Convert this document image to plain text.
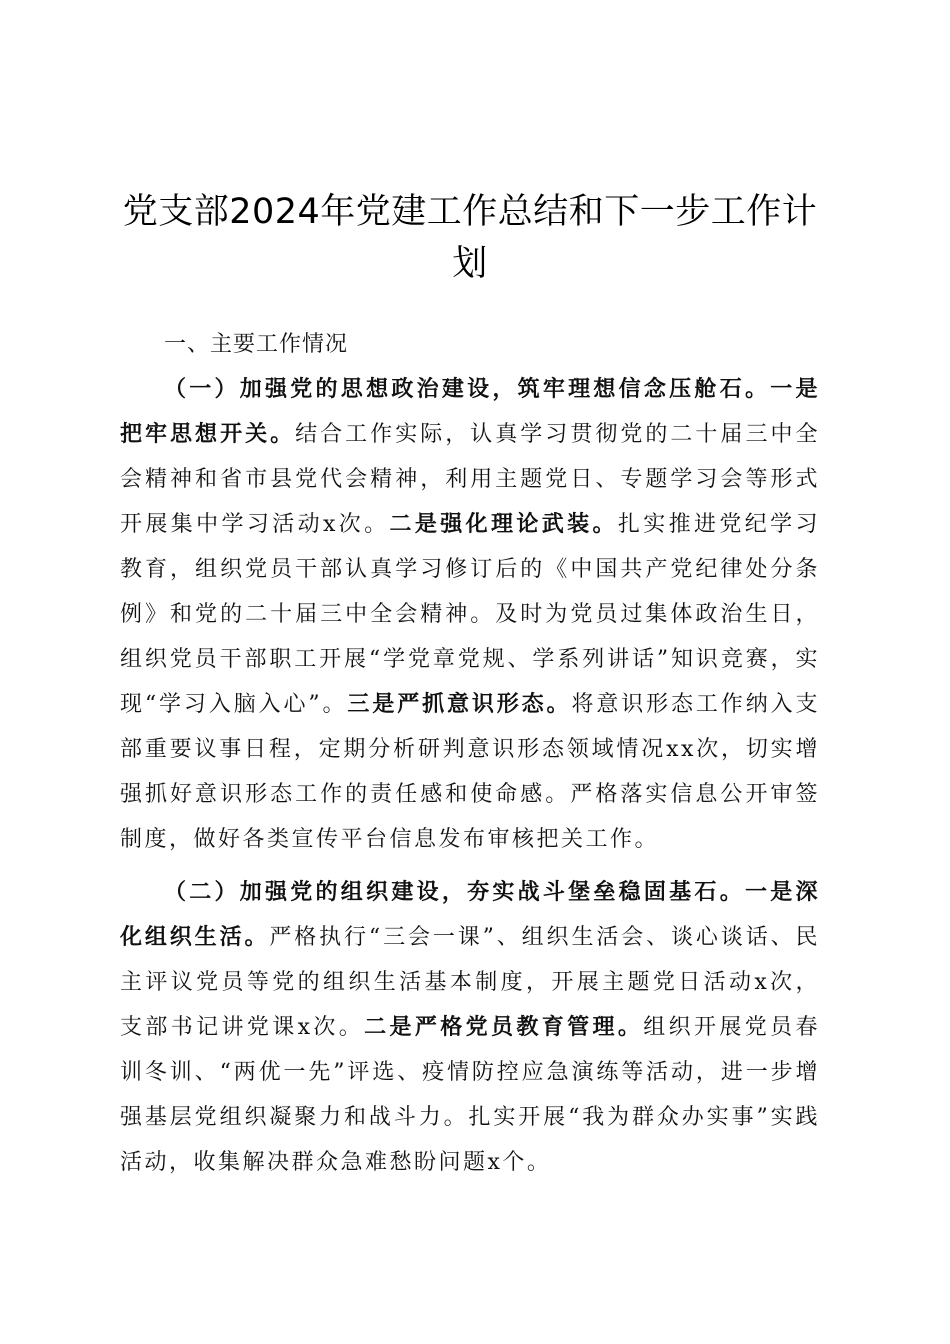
党支部2024年党建工作总结和下一步工作计划

一、主要工作情况

（一）加强党的思想政治建设，筑牢理想信念压舱石。一是把牢思想开关。结合工作实际，认真学习贯彻党的二十届三中全会精神和省市县党代会精神，利用主题党日、专题学习会等形式开展集中学习活动x次。二是强化理论武装。扎实推进党纪学习教育，组织党员干部认真学习修订后的《中国共产党纪律处分条例》和党的二十届三中全会精神。及时为党员过集体政治生日，组织党员干部职工开展“学党章党规、学系列讲话”知识竞赛，实现“学习入脑入心”。三是严抓意识形态。将意识形态工作纳入支部重要议事日程，定期分析研判意识形态领域情况xx次，切实增强抓好意识形态工作的责任感和使命感。严格落实信息公开审签制度，做好各类宣传平台信息发布审核把关工作。

（二）加强党的组织建设，夯实战斗堡垒稳固基石。一是深化组织生活。严格执行“三会一课”、组织生活会、谈心谈话、民主评议党员等党的组织生活基本制度，开展主题党日活动x次，支部书记讲党课x次。二是严格党员教育管理。组织开展党员春训冬训、“两优一先”评选、疫情防控应急演练等活动，进一步增强基层党组织凝聚力和战斗力。扎实开展“我为群众办实事”实践活动，收集解决群众急难愁盼问题x个。
